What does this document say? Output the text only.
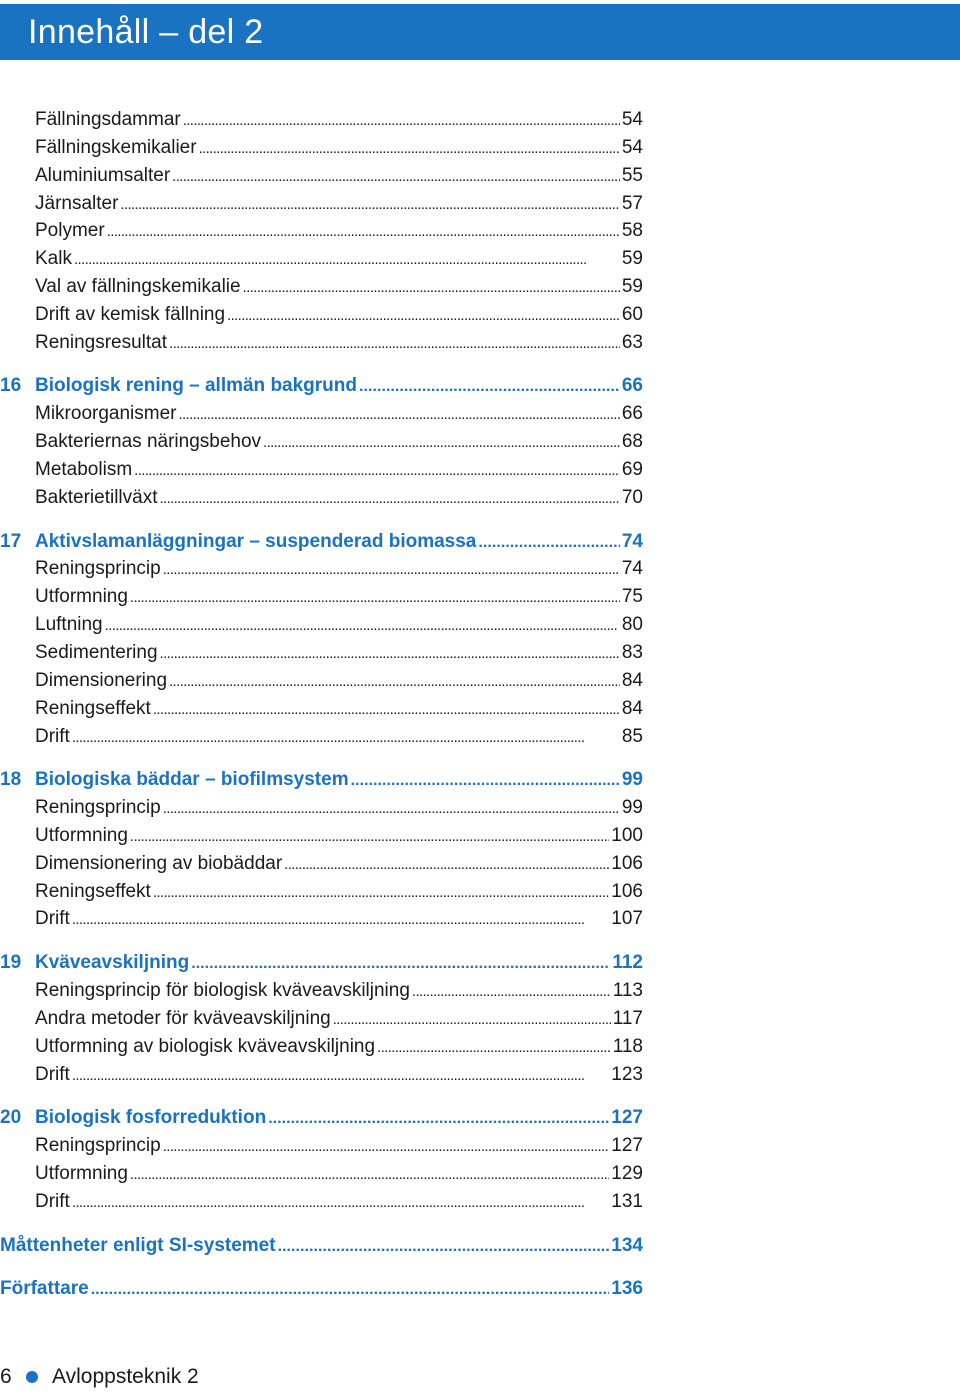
Innehåll – del 2
Fällningsdammar . . .	54
Fällningskemikalier . . .	54
Aluminiumsalter . . .	55
Järnsalter . . .	57
Polymer . . .	58
Kalk . . .	59
Val av fällningskemikalie . . .	59
Drift av kemisk fällning . . .	60
Reningsresultat . . .	63
16 Biologisk rening – allmän bakgrund . . .	66
Mikroorganismer . . .	66
Bakteriernas näringsbehov . . .	68
Metabolism . . .	69
Bakterietillväxt . . .	70
17 Aktivslamanläggningar – suspenderad biomassa . . .	74
Reningsprincip . . .	74
Utformning . . .	75
Luftning . . .	80
Sedimentering . . .	83
Dimensionering . . .	84
Reningseffekt . . .	84
Drift . . .	85
18 Biologiska bäddar – biofilmsystem . . .	99
Reningsprincip . . .	99
Utformning . . .	100
Dimensionering av biobäddar . . .	106
Reningseffekt . . .	106
Drift . . .	107
19 Kväveavskiljning . . .	112
Reningsprincip för biologisk kväveavskiljning . . .	113
Andra metoder för kväveavskiljning . . .	117
Utformning av biologisk kväveavskiljning . . .	118
Drift . . .	123
20 Biologisk fosforreduktion . . .	127
Reningsprincip . . .	127
Utformning . . .	129
Drift . . .	131
Måttenheter enligt SI-systemet . . .	134
Författare . . .	136
6	Avloppsteknik 2
